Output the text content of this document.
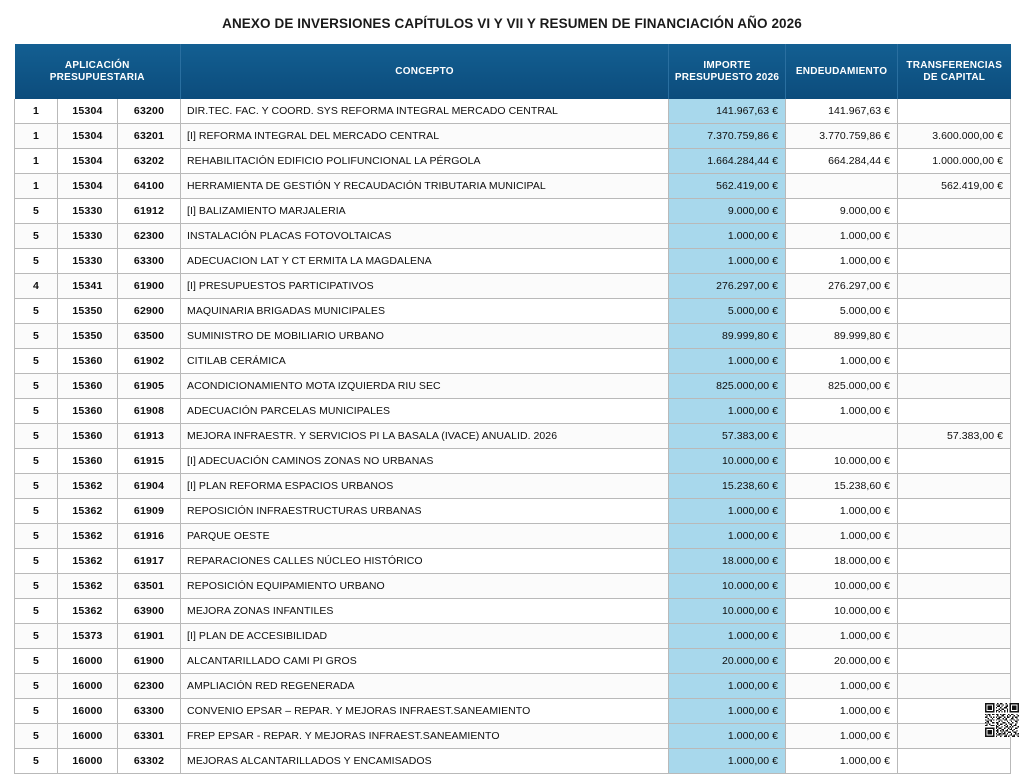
ANEXO DE INVERSIONES CAPÍTULOS VI Y VII Y RESUMEN DE FINANCIACIÓN AÑO 2026
APLICACIÓN PRESUPUESTARIA			CONCEPTO	IMPORTE PRESUPUESTO 2026	ENDEUDAMIENTO	TRANSFERENCIAS DE CAPITAL
1	15304	63200	DIR.TEC. FAC. Y COORD. SYS REFORMA INTEGRAL MERCADO CENTRAL	141.967,63 €	141.967,63 €	
1	15304	63201	[I] REFORMA INTEGRAL DEL MERCADO CENTRAL	7.370.759,86 €	3.770.759,86 €	3.600.000,00 €
1	15304	63202	REHABILITACIÓN EDIFICIO POLIFUNCIONAL LA PÉRGOLA	1.664.284,44 €	664.284,44 €	1.000.000,00 €
1	15304	64100	HERRAMIENTA DE GESTIÓN Y RECAUDACIÓN TRIBUTARIA MUNICIPAL	562.419,00 €		562.419,00 €
5	15330	61912	[I] BALIZAMIENTO MARJALERIA	9.000,00 €	9.000,00 €	
5	15330	62300	INSTALACIÓN PLACAS FOTOVOLTAICAS	1.000,00 €	1.000,00 €	
5	15330	63300	ADECUACION LAT Y CT ERMITA LA MAGDALENA	1.000,00 €	1.000,00 €	
4	15341	61900	[I] PRESUPUESTOS PARTICIPATIVOS	276.297,00 €	276.297,00 €	
5	15350	62900	MAQUINARIA BRIGADAS MUNICIPALES	5.000,00 €	5.000,00 €	
5	15350	63500	SUMINISTRO DE MOBILIARIO URBANO	89.999,80 €	89.999,80 €	
5	15360	61902	CITILAB CERÁMICA	1.000,00 €	1.000,00 €	
5	15360	61905	ACONDICIONAMIENTO MOTA IZQUIERDA RIU SEC	825.000,00 €	825.000,00 €	
5	15360	61908	ADECUACIÓN PARCELAS MUNICIPALES	1.000,00 €	1.000,00 €	
5	15360	61913	MEJORA INFRAESTR. Y SERVICIOS PI LA BASALA (IVACE) ANUALID. 2026	57.383,00 €		57.383,00 €
5	15360	61915	[I] ADECUACIÓN CAMINOS ZONAS NO URBANAS	10.000,00 €	10.000,00 €	
5	15362	61904	[I] PLAN REFORMA ESPACIOS URBANOS	15.238,60 €	15.238,60 €	
5	15362	61909	REPOSICIÓN INFRAESTRUCTURAS URBANAS	1.000,00 €	1.000,00 €	
5	15362	61916	PARQUE OESTE	1.000,00 €	1.000,00 €	
5	15362	61917	REPARACIONES CALLES NÚCLEO HISTÓRICO	18.000,00 €	18.000,00 €	
5	15362	63501	REPOSICIÓN EQUIPAMIENTO URBANO	10.000,00 €	10.000,00 €	
5	15362	63900	MEJORA ZONAS INFANTILES	10.000,00 €	10.000,00 €	
5	15373	61901	[I] PLAN DE ACCESIBILIDAD	1.000,00 €	1.000,00 €	
5	16000	61900	ALCANTARILLADO CAMI PI GROS	20.000,00 €	20.000,00 €	
5	16000	62300	AMPLIACIÓN RED REGENERADA	1.000,00 €	1.000,00 €	
5	16000	63300	CONVENIO EPSAR – REPAR. Y MEJORAS INFRAEST.SANEAMIENTO	1.000,00 €	1.000,00 €	
5	16000	63301	FREP EPSAR - REPAR. Y MEJORAS INFRAEST.SANEAMIENTO	1.000,00 €	1.000,00 €	
5	16000	63302	MEJORAS ALCANTARILLADOS Y ENCAMISADOS	1.000,00 €	1.000,00 €	
